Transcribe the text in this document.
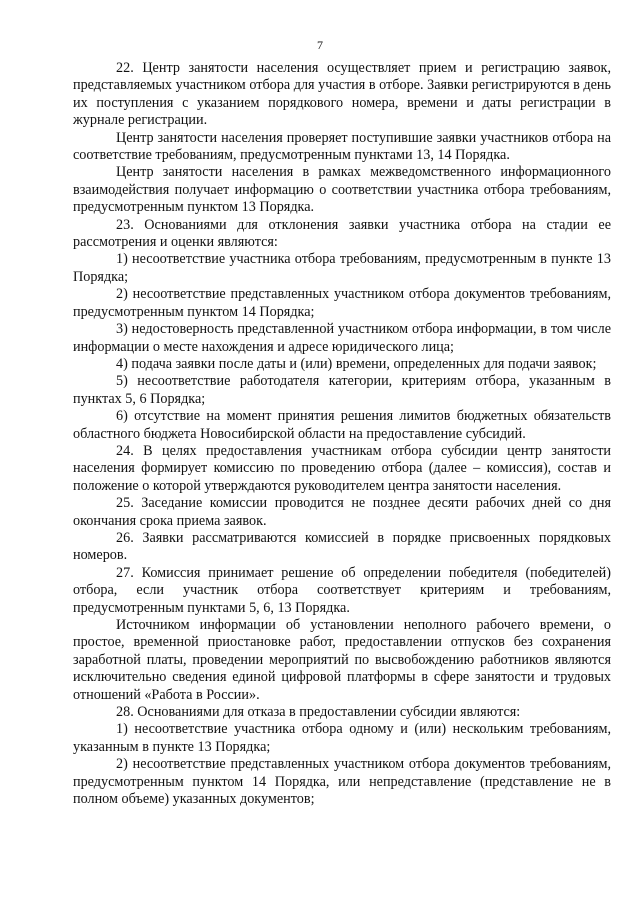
7

22. Центр занятости населения осуществляет прием и регистрацию заявок, представляемых участником отбора для участия в отборе. Заявки регистрируются в день их поступления с указанием порядкового номера, времени и даты регистрации в журнале регистрации.

Центр занятости населения проверяет поступившие заявки участников отбора на соответствие требованиям, предусмотренным пунктами 13, 14 Порядка.

Центр занятости населения в рамках межведомственного информационного взаимодействия получает информацию о соответствии участника отбора требованиям, предусмотренным пунктом 13 Порядка.

23. Основаниями для отклонения заявки участника отбора на стадии ее рассмотрения и оценки являются:

1) несоответствие участника отбора требованиям, предусмотренным в пункте 13 Порядка;

2) несоответствие представленных участником отбора документов требованиям, предусмотренным пунктом 14 Порядка;

3) недостоверность представленной участником отбора информации, в том числе информации о месте нахождения и адресе юридического лица;

4) подача заявки после даты и (или) времени, определенных для подачи заявок;

5) несоответствие работодателя категории, критериям отбора, указанным в пунктах 5, 6 Порядка;

6) отсутствие на момент принятия решения лимитов бюджетных обязательств областного бюджета Новосибирской области на предоставление субсидий.

24. В целях предоставления участникам отбора субсидии центр занятости населения формирует комиссию по проведению отбора (далее – комиссия), состав и положение о которой утверждаются руководителем центра занятости населения.

25. Заседание комиссии проводится не позднее десяти рабочих дней со дня окончания срока приема заявок.

26. Заявки рассматриваются комиссией в порядке присвоенных порядковых номеров.

27. Комиссия принимает решение об определении победителя (победителей) отбора, если участник отбора соответствует критериям и требованиям, предусмотренным пунктами 5, 6, 13 Порядка.

Источником информации об установлении неполного рабочего времени, о простое, временной приостановке работ, предоставлении отпусков без сохранения заработной платы, проведении мероприятий по высвобождению работников являются исключительно сведения единой цифровой платформы в сфере занятости и трудовых отношений «Работа в России».

28. Основаниями для отказа в предоставлении субсидии являются:

1) несоответствие участника отбора одному и (или) нескольким требованиям, указанным в пункте 13 Порядка;

2) несоответствие представленных участником отбора документов требованиям, предусмотренным пунктом 14 Порядка, или непредставление (представление не в полном объеме) указанных документов;
